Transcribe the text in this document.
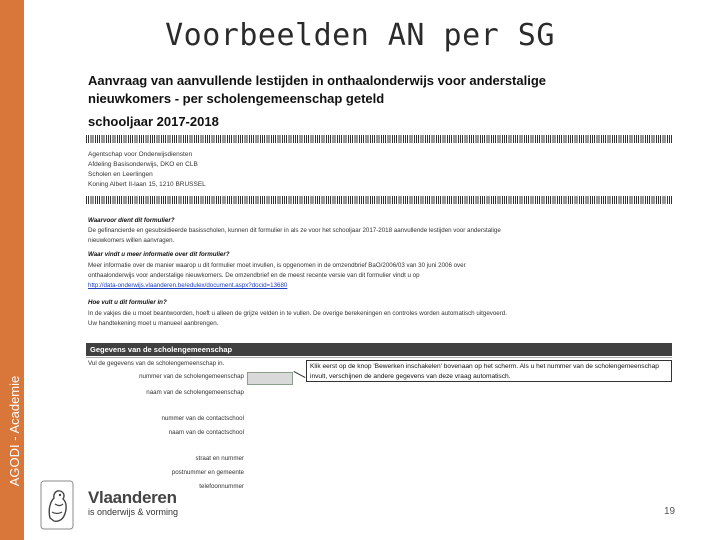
AGODI - Academie
Voorbeelden AN per SG
Aanvraag van aanvullende lestijden in onthaalonderwijs voor anderstalige nieuwkomers - per scholengemeenschap geteld
schooljaar 2017-2018
Agentschap voor Onderwijsdiensten
Afdeling Basisonderwijs, DKO en CLB
Scholen en Leerlingen
Koning Albert II-laan 15, 1210 BRUSSEL
Waarvoor dient dit formulier?
De gefinancierde en gesubsidieerde basisscholen, kunnen dit formulier in als ze voor het schooljaar 2017-2018 aanvullende lestijden voor anderstalige
nieuwkomers willen aanvragen.
Waar vindt u meer informatie over dit formulier?
Meer informatie over de manier waarop u dit formulier moet invullen, is opgenomen in de omzendbrief BaO/2006/03 van 30 juni 2006 over
onthaalonderwijs voor anderstalige nieuwkomers. De omzendbrief en de meest recente versie van dit formulier vindt u op
http://data-onderwijs.vlaanderen.be/edulex/document.aspx?docid=13680
Hoe vult u dit formulier in?
In de vakjes die u moet beantwoorden, hoeft u alleen de grijze velden in te vullen. De overige berekeningen en controles worden automatisch uitgevoerd.
Uw handtekening moet u manueel aanbrengen.
Gegevens van de scholengemeenschap
Vul de gegevens van de scholengemeenschap in.
nummer van de scholengemeenschap
Klik eerst op de knop 'Bewerken inschakelen' bovenaan op het scherm. Als u het nummer van de scholengemeenschap invult, verschijnen de andere gegevens van deze vraag automatisch.
naam van de scholengemeenschap
nummer van de contactschool
naam van de contactschool
straat en nummer
postnummer en gemeente
telefoonnummer
Vlaanderen
is onderwijs & vorming	19
